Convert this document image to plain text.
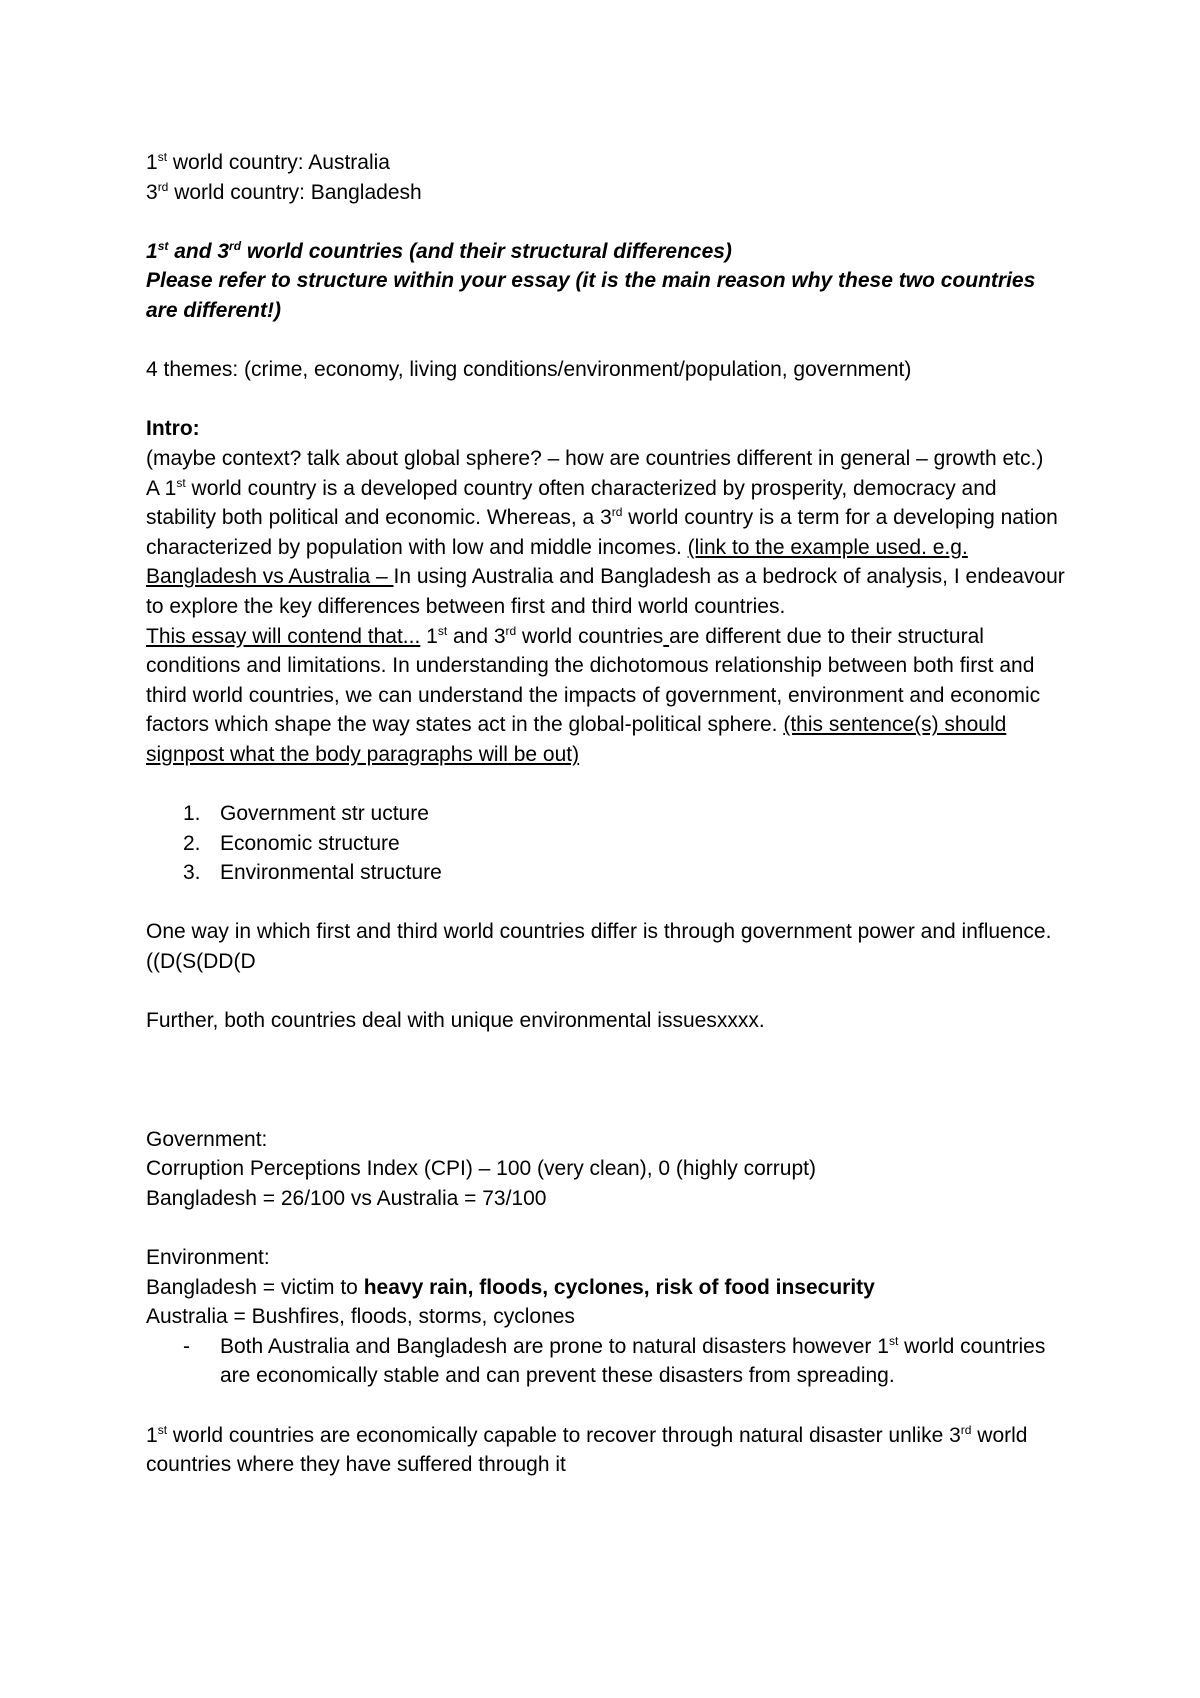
1st world country: Australia

3rd world country: Bangladesh

1st and 3rd world countries (and their structural differences)

Please refer to structure within your essay (it is the main reason why these two countries are different!)

4 themes: (crime, economy, living conditions/environment/population, government)

Intro:

(maybe context? talk about global sphere? – how are countries different in general – growth etc.)

A 1st world country is a developed country often characterized by prosperity, democracy and stability both political and economic. Whereas, a 3rd world country is a term for a developing nation characterized by population with low and middle incomes. (link to the example used. e.g. Bangladesh vs Australia – In using Australia and Bangladesh as a bedrock of analysis, I endeavour to explore the key differences between first and third world countries.

This essay will contend that... 1st and 3rd world countries are different due to their structural conditions and limitations. In understanding the dichotomous relationship between both first and third world countries, we can understand the impacts of government, environment and economic factors which shape the way states act in the global-political sphere. (this sentence(s) should signpost what the body paragraphs will be out)

1. Government str ucture
2. Economic structure
3. Environmental structure

One way in which first and third world countries differ is through government power and influence. ((D(S(DD(D

Further, both countries deal with unique environmental issuesxxxx.

Government:

Corruption Perceptions Index (CPI) – 100 (very clean), 0 (highly corrupt)

Bangladesh = 26/100 vs Australia = 73/100

Environment:

Bangladesh = victim to heavy rain, floods, cyclones, risk of food insecurity

Australia = Bushfires, floods, storms, cyclones

- Both Australia and Bangladesh are prone to natural disasters however 1st world countries are economically stable and can prevent these disasters from spreading.

1st world countries are economically capable to recover through natural disaster unlike 3rd world countries where they have suffered through it
